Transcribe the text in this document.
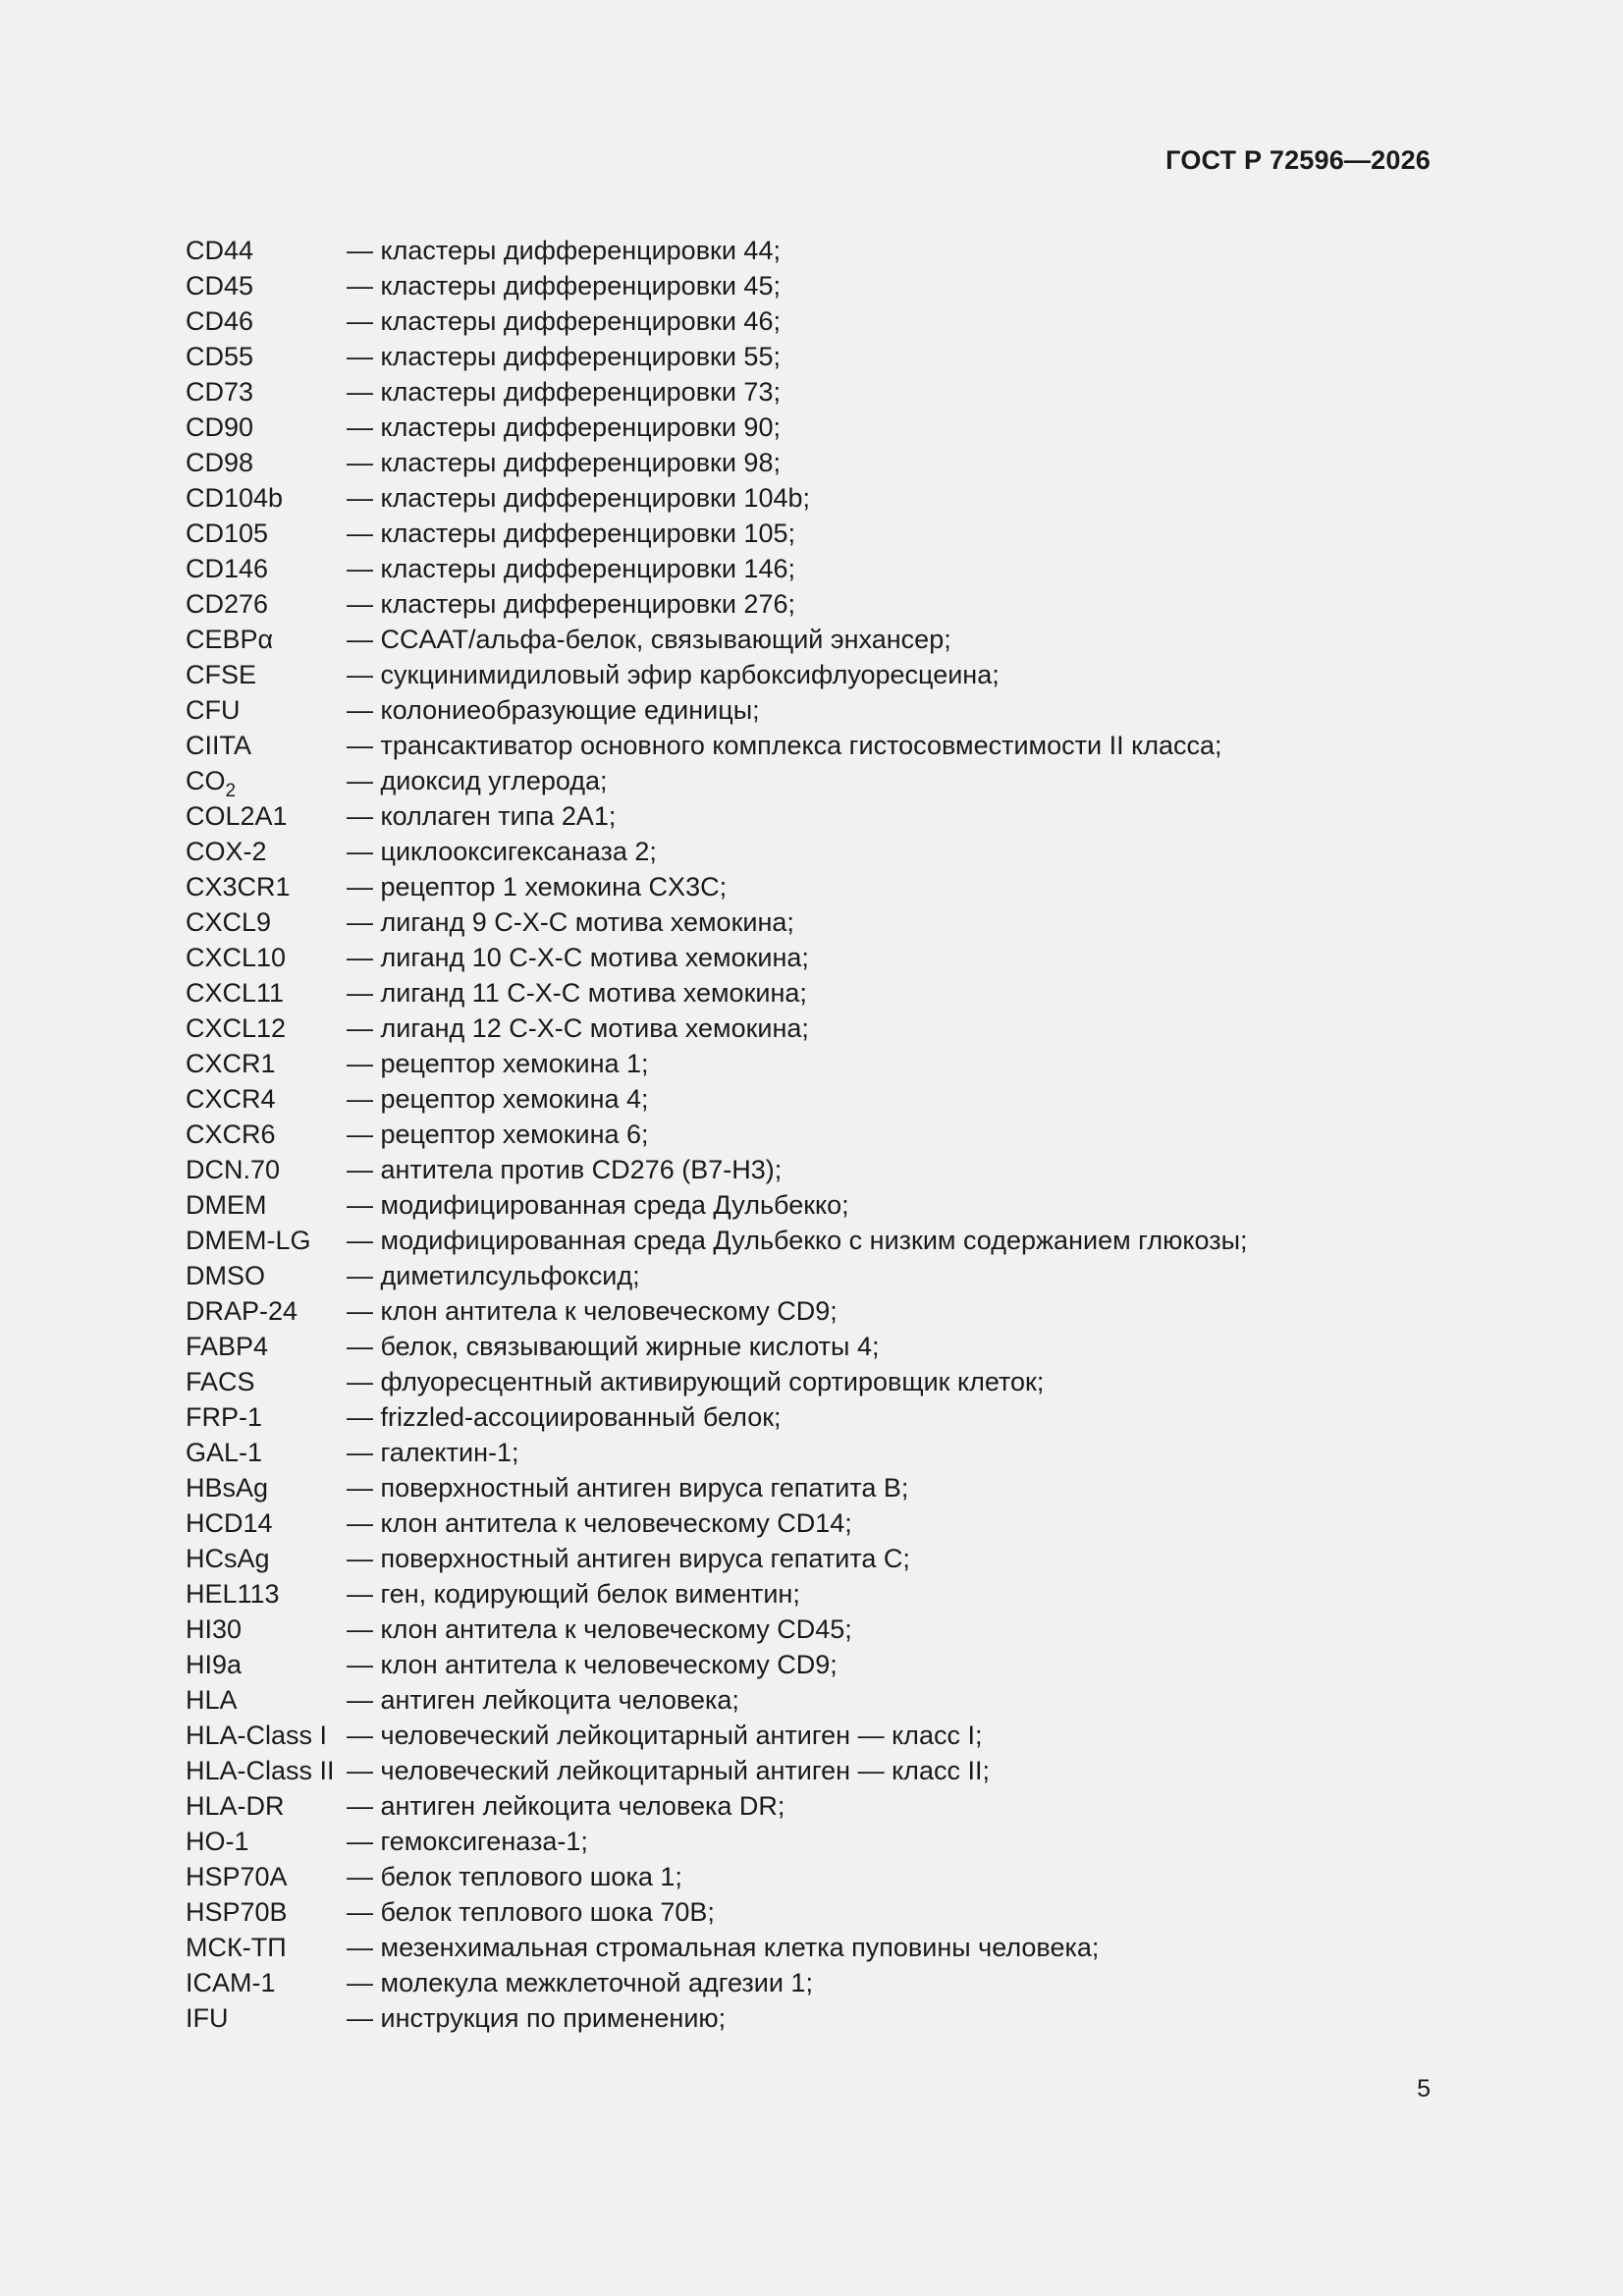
ГОСТ Р 72596—2026
CD44	— кластеры дифференцировки 44;
CD45	— кластеры дифференцировки 45;
CD46	— кластеры дифференцировки 46;
CD55	— кластеры дифференцировки 55;
CD73	— кластеры дифференцировки 73;
CD90	— кластеры дифференцировки 90;
CD98	— кластеры дифференцировки 98;
CD104b	— кластеры дифференцировки 104b;
CD105	— кластеры дифференцировки 105;
CD146	— кластеры дифференцировки 146;
CD276	— кластеры дифференцировки 276;
CEBPα	— CCAAT/альфа-белок, связывающий энхансер;
CFSE	— сукцинимидиловый эфир карбоксифлуоресцеина;
CFU	— колониеобразующие единицы;
CIITA	— трансактиватор основного комплекса гистосовместимости II класса;
$CO_2$	— диоксид углерода;
COL2A1	— коллаген типа 2A1;
COX-2	— циклооксигексаназа 2;
CX3CR1	— рецептор 1 хемокина CX3C;
CXCL9	— лиганд 9 C-X-C мотива хемокина;
CXCL10	— лиганд 10 C-X-C мотива хемокина;
CXCL11	— лиганд 11 C-X-C мотива хемокина;
CXCL12	— лиганд 12 C-X-C мотива хемокина;
CXCR1	— рецептор хемокина 1;
CXCR4	— рецептор хемокина 4;
CXCR6	— рецептор хемокина 6;
DCN.70	— антитела против CD276 (B7-H3);
DMEM	— модифицированная среда Дульбекко;
DMEM-LG	— модифицированная среда Дульбекко с низким содержанием глюкозы;
DMSO	— диметилсульфоксид;
DRAP-24	— клон антитела к человеческому CD9;
FABP4	— белок, связывающий жирные кислоты 4;
FACS	— флуоресцентный активирующий сортировщик клеток;
FRP-1	— frizzled-ассоциированный белок;
GAL-1	— галектин-1;
HBsAg	— поверхностный антиген вируса гепатита B;
HCD14	— клон антитела к человеческому CD14;
HCsAg	— поверхностный антиген вируса гепатита C;
HEL113	— ген, кодирующий белок виментин;
HI30	— клон антитела к человеческому CD45;
HI9a	— клон антитела к человеческому CD9;
HLA	— антиген лейкоцита человека;
HLA-Class I — человеческий лейкоцитарный антиген — класс I;
HLA-Class II — человеческий лейкоцитарный антиген — класс II;
HLA-DR	— антиген лейкоцита человека DR;
HO-1	— гемоксигеназа-1;
HSP70A	— белок теплового шока 1;
HSP70B	— белок теплового шока 70B;
МСК-ТП	— мезенхимальная стромальная клетка пуповины человека;
ICAM-1	— молекула межклеточной адгезии 1;
IFU	— инструкция по применению;
5
